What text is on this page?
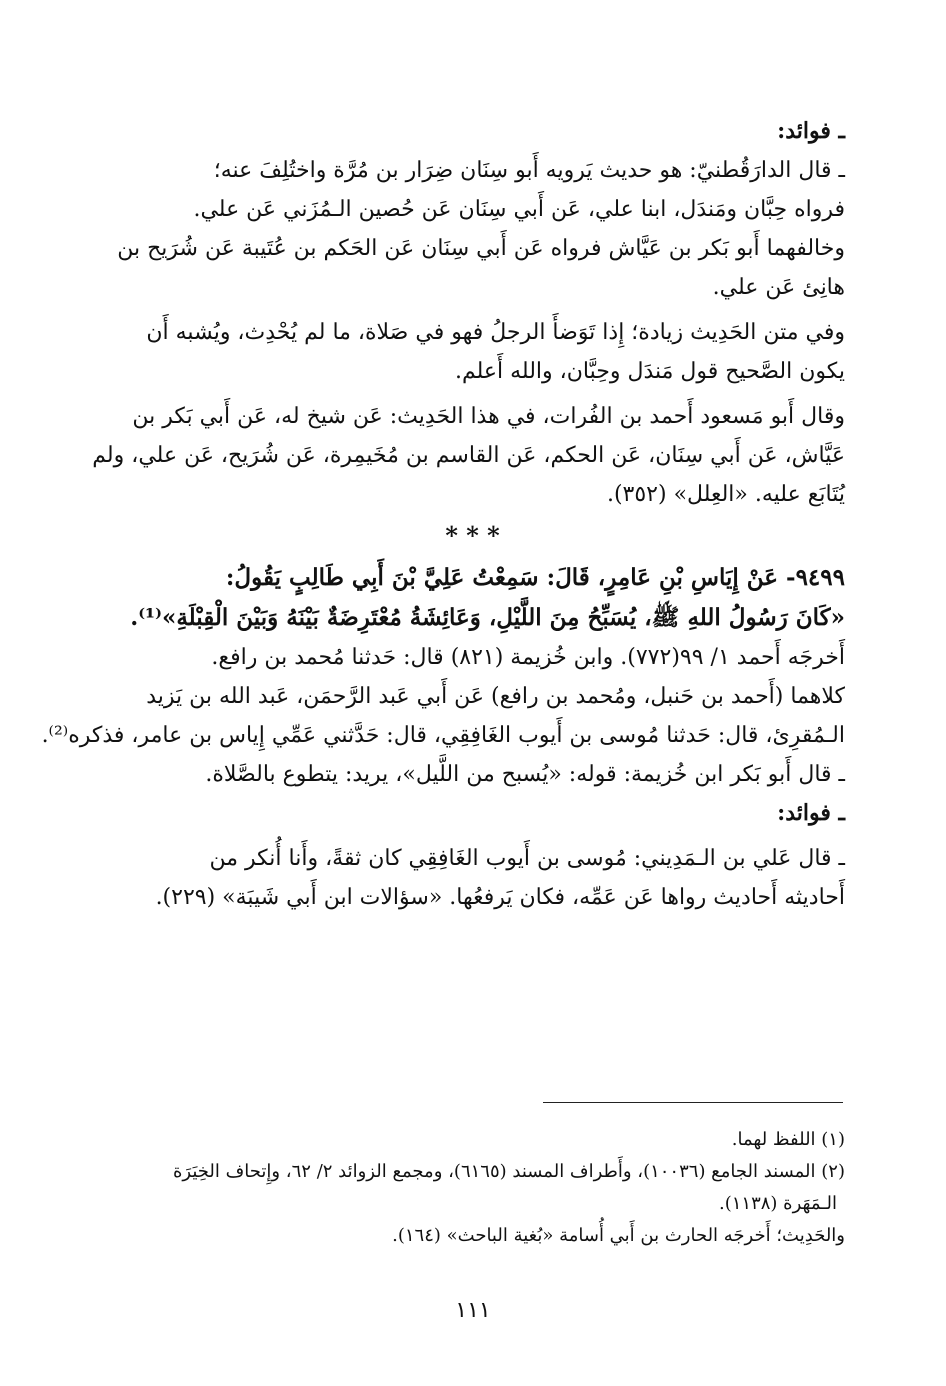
ـ فوائد:
ـ قال الدارَقُطنيّ: هو حديث يَرويه أَبو سِنَان ضِرَار بن مُرَّة واختُلِفَ عنه؛
فرواه حِبَّان ومَندَل، ابنا علي، عَن أَبي سِنَان عَن حُصين الـمُزَني عَن علي.
وخالفهما أَبو بَكر بن عَيَّاش فرواه عَن أَبي سِنَان عَن الحَكم بن عُتَيبة عَن شُرَيح بن
هانِئ عَن علي.
وفي متن الحَدِيث زيادة؛ إِذا تَوَضأَ الرجلُ فهو في صَلاة، ما لم يُحْدِث، ويُشبه أَن
يكون الصَّحيح قول مَندَل وحِبَّان، والله أَعلم.
وقال أَبو مَسعود أَحمد بن الفُرات، في هذا الحَدِيث: عَن شيخ له، عَن أَبي بَكر بن
عَيَّاش، عَن أَبي سِنَان، عَن الحكم، عَن القاسم بن مُخَيمِرة، عَن شُرَيح، عَن علي، ولم
يُتَابَع عليه. «العِلل» (٣٥٢).
* * *
٩٤٩٩- عَنْ إِيَاسِ بْنِ عَامِرٍ، قَالَ: سَمِعْتُ عَلِيَّ بْنَ أَبِي طَالِبٍ يَقُولُ:
«كَانَ رَسُولُ اللهِ ﷺ، يُسَبِّحُ مِنَ اللَّيْلِ، وَعَائِشَةُ مُعْتَرِضَةٌ بَيْنَهُ وَبَيْنَ الْقِبْلَةِ»⁽¹⁾.
أَخرجَه أَحمد ١/ ٩٩(٧٧٢). وابن خُزيمة (٨٢١) قال: حَدثنا مُحمد بن رافع.
كلاهما (أَحمد بن حَنبل، ومُحمد بن رافع) عَن أَبي عَبد الرَّحمَن، عَبد الله بن يَزيد
الـمُقرِئ، قال: حَدثنا مُوسى بن أَيوب الغَافِقِي، قال: حَدَّثني عَمِّي إِياس بن عامر، فذكره⁽²⁾.
ـ قال أَبو بَكر ابن خُزيمة: قوله: «يُسبح من اللَّيل»، يريد: يتطوع بالصَّلاة.
ـ فوائد:
ـ قال عَلي بن الـمَدِيني: مُوسى بن أَيوب الغَافِقِي كان ثقةً، وأَنا أُنكر من
أَحاديثه أَحاديث رواها عَن عَمِّه، فكان يَرفعُها. «سؤالات ابن أَبي شَيبَة» (٢٢٩).
(١) اللفظ لهما.
(٢) المسند الجامع (١٠٠٣٦)، وأَطراف المسند (٦١٦٥)، ومجمع الزوائد ٢/ ٦٢، وإِتحاف الخِيَرَة
الـمَهَرة (١١٣٨).
والحَدِيث؛ أَخرجَه الحارث بن أَبي أُسامة «بُغية الباحث» (١٦٤).
١١١
